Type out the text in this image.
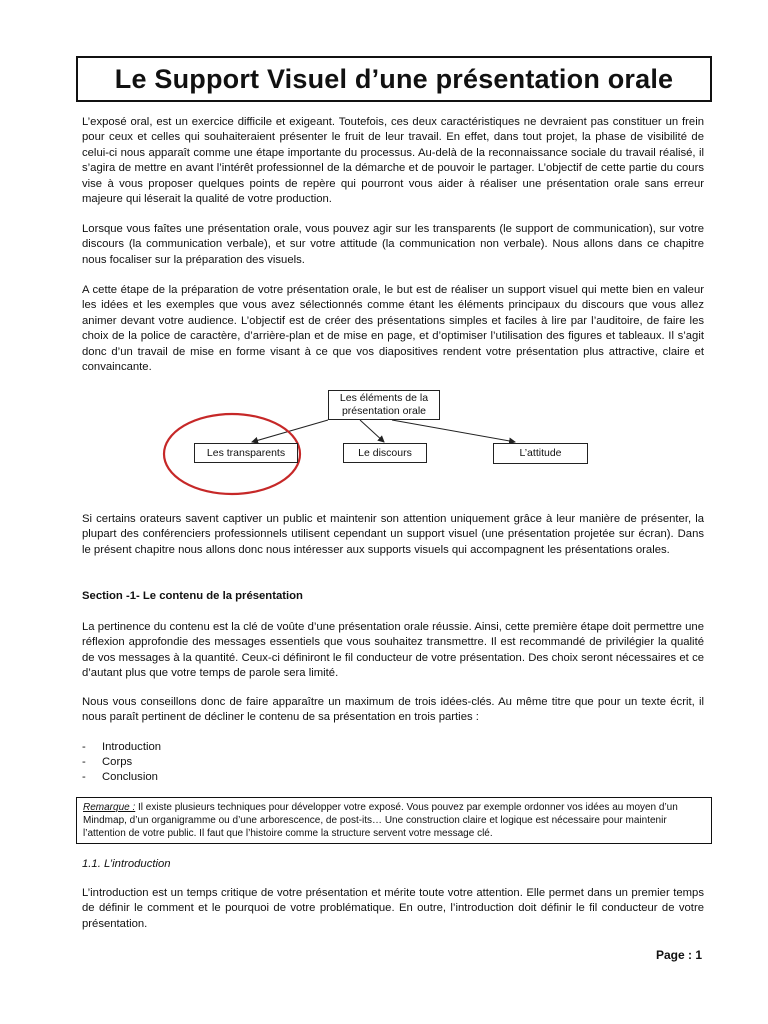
Le Support Visuel d’une présentation orale

L’exposé oral, est un exercice difficile et exigeant. Toutefois, ces deux caractéristiques ne devraient pas constituer un frein pour ceux et celles qui souhaiteraient présenter le fruit de leur travail. En effet, dans tout projet, la phase de visibilité de celui-ci nous apparaît comme une étape importante du processus. Au-delà de la reconnaissance sociale du travail réalisé, il s’agira de mettre en avant l’intérêt professionnel de la démarche et de pouvoir le partager. L’objectif de cette partie du cours vise à vous proposer quelques points de repère qui pourront vous aider à réaliser une présentation orale sans erreur majeure qui léserait la qualité de votre production.

Lorsque vous faîtes une présentation orale, vous pouvez agir sur les transparents (le support de communication), sur votre discours (la communication verbale), et sur votre attitude (la communication non verbale). Nous allons dans ce chapitre nous focaliser sur la préparation des visuels.

A cette étape de la préparation de votre présentation orale, le but est de réaliser un support visuel qui mette bien en valeur les idées et les exemples que vous avez sélectionnés comme étant les éléments principaux du discours que vous allez animer devant votre audience. L’objectif est de créer des présentations simples et faciles à lire par l’auditoire, de faire les choix de la police de caractère, d’arrière-plan et de mise en page, et d’optimiser l’utilisation des figures et tableaux. Il s’agit donc d’un travail de mise en forme visant à ce que vos diapositives rendent votre présentation plus attractive, claire et convaincante.

Les éléments de la présentation orale
Les transparents	Le discours	L’attitude

Si certains orateurs savent captiver un public et maintenir son attention uniquement grâce à leur manière de présenter, la plupart des conférenciers professionnels utilisent cependant un support visuel (une présentation projetée sur écran). Dans le présent chapitre nous allons donc nous intéresser aux supports visuels qui accompagnent les présentations orales.

Section -1- Le contenu de la présentation

La pertinence du contenu est la clé de voûte d’une présentation orale réussie. Ainsi, cette première étape doit permettre une réflexion approfondie des messages essentiels que vous souhaitez transmettre. Il est recommandé de privilégier la qualité de vos messages à la quantité. Ceux-ci définiront le fil conducteur de votre présentation. Des choix seront nécessaires et ce d’autant plus que votre temps de parole sera limité.

Nous vous conseillons donc de faire apparaître un maximum de trois idées-clés. Au même titre que pour un texte écrit, il nous paraît pertinent de décliner le contenu de sa présentation en trois parties :

-	Introduction
-	Corps
-	Conclusion
Remarque : Il existe plusieurs techniques pour développer votre exposé. Vous pouvez par exemple ordonner vos idées au moyen d’un Mindmap, d’un organigramme ou d’une arborescence, de post-its… Une construction claire et logique est nécessaire pour maintenir l’attention de votre public. Il faut que l’histoire comme la structure servent votre message clé.
1.1. L’introduction

L’introduction est un temps critique de votre présentation et mérite toute votre attention. Elle permet dans un premier temps de définir le comment et le pourquoi de votre problématique. En outre, l’introduction doit définir le fil conducteur de votre présentation.

Page : 1
